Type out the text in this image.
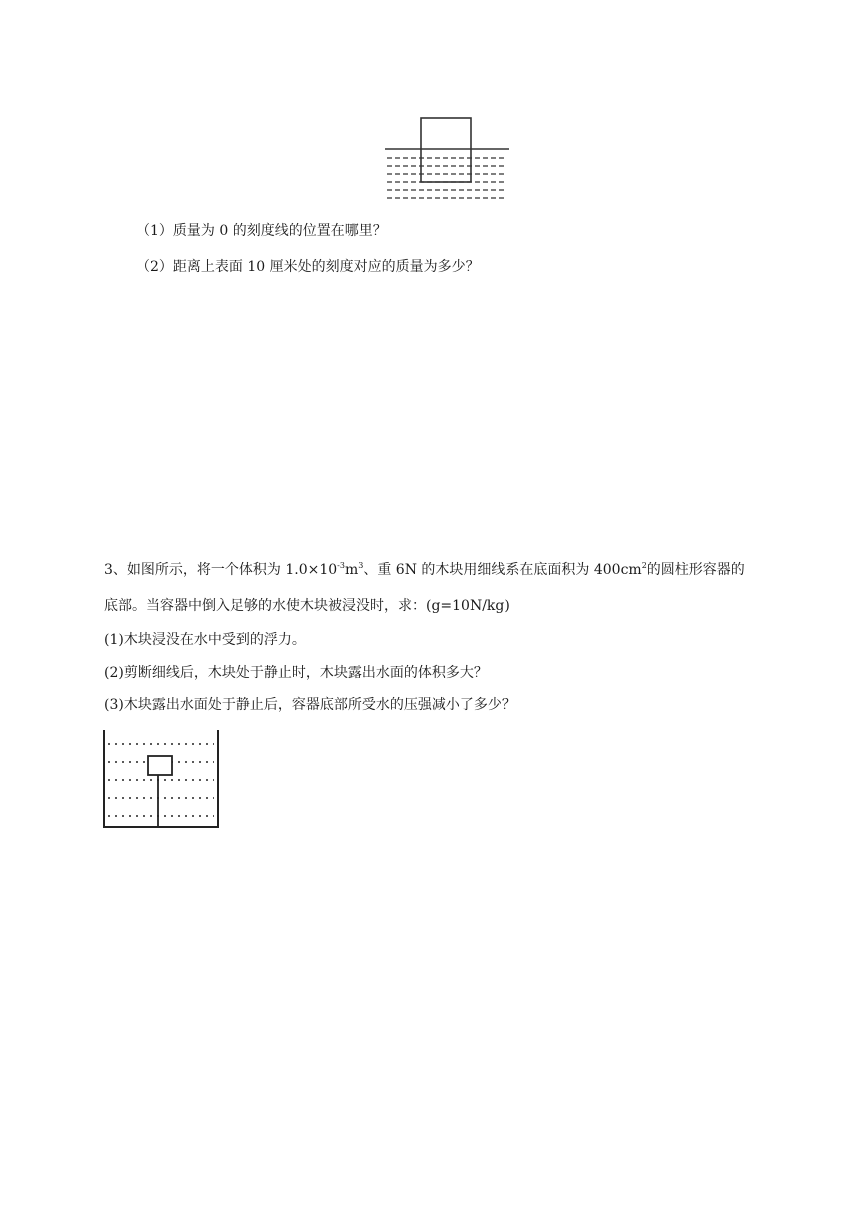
（1）质量为 0 的刻度线的位置在哪里？
（2）距离上表面 10 厘米处的刻度对应的质量为多少？
3、如图所示，将一个体积为 $1.0\times 10^{-3}m^3$、重 6N 的木块用细线系在底面积为 $400cm^2$的圆柱形容器的
底部。当容器中倒入足够的水使木块被浸没时，求：(g=10N/kg)
(1)木块浸没在水中受到的浮力。
(2)剪断细线后，木块处于静止时，木块露出水面的体积多大？
(3)木块露出水面处于静止后，容器底部所受水的压强减小了多少？
